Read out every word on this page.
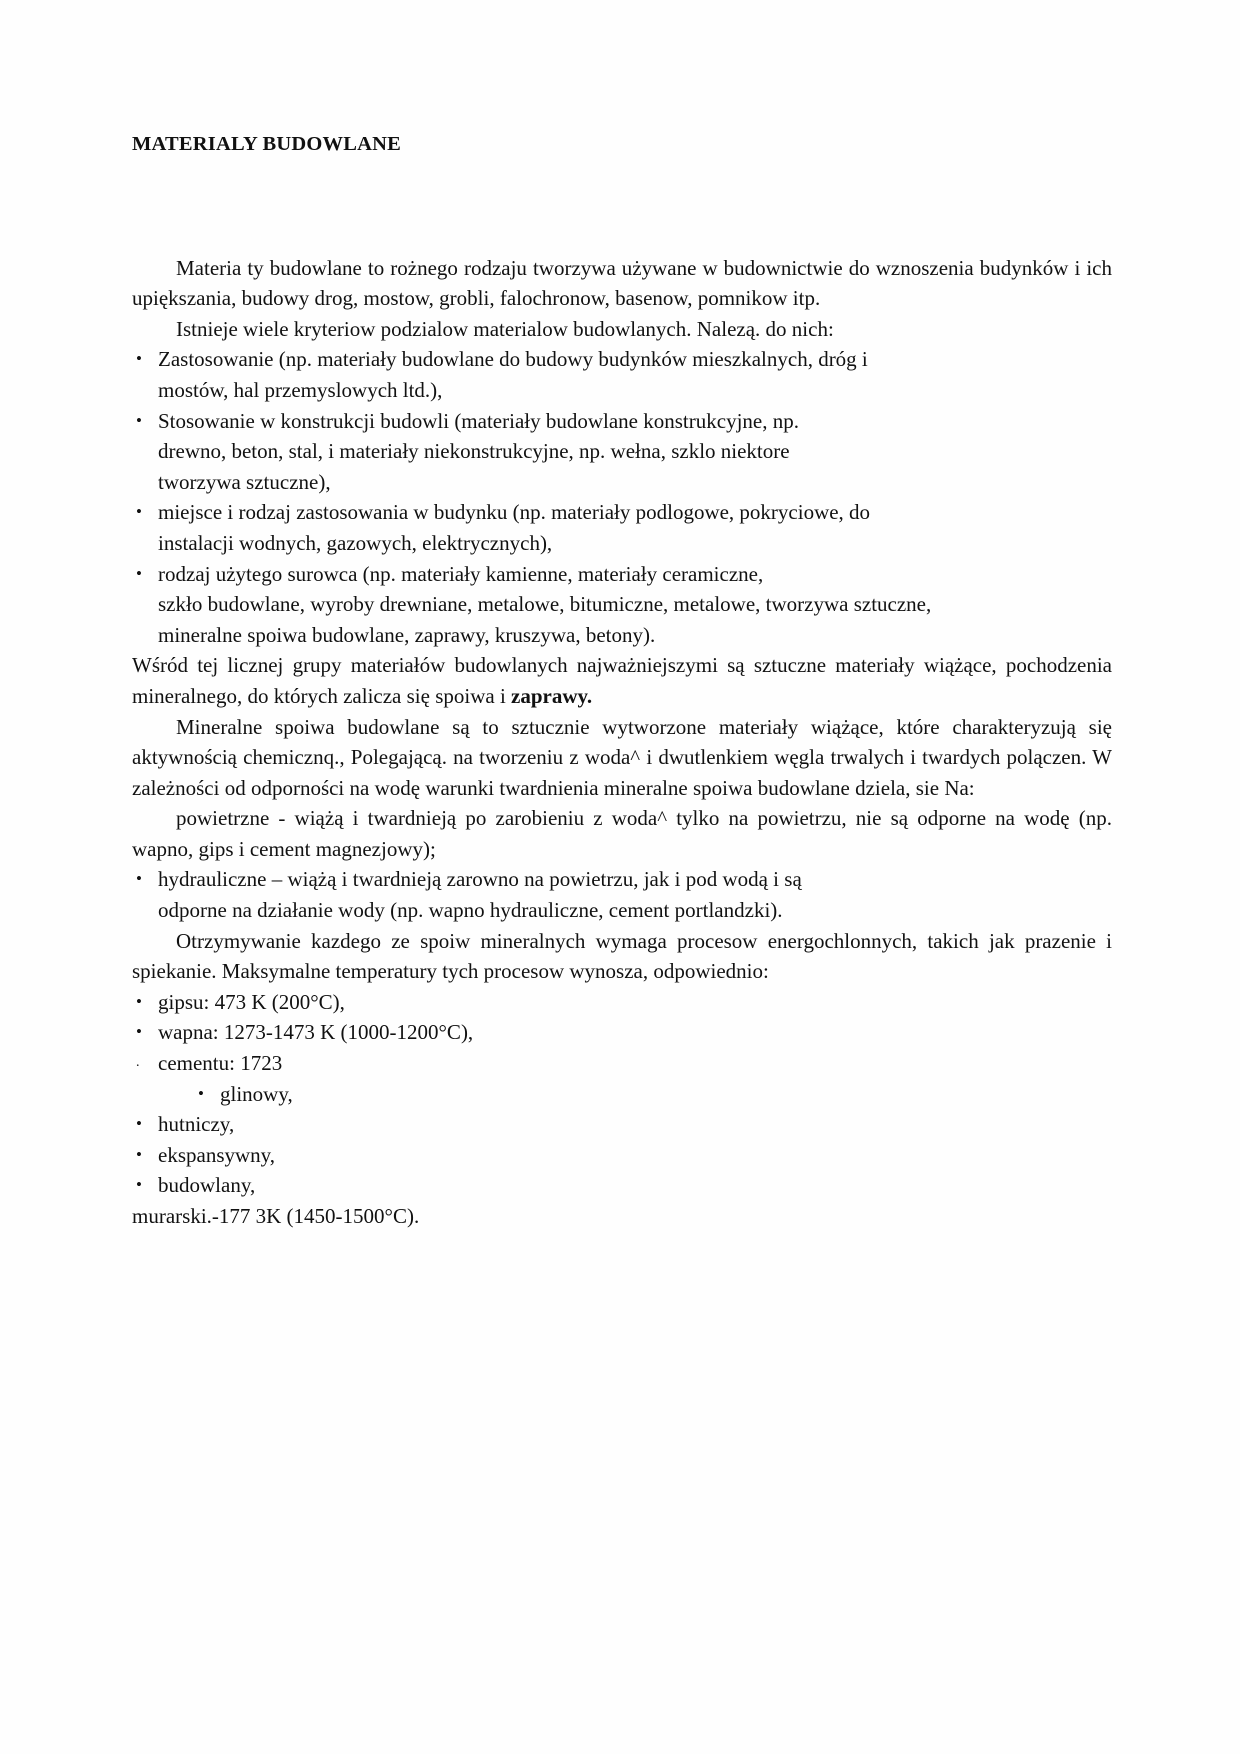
MATERIALY BUDOWLANE

Materia ty budowlane to rożnego rodzaju tworzywa używane w budownictwie do wznoszenia budynków i ich upiększania, budowy drog, mostow, grobli, falochronow, basenow, pomnikow itp.

Istnieje wiele kryteriow podzialow materialow budowlanych. Nalezą. do nich:

• Zastosowanie (np. materiały budowlane do budowy budynków mieszkalnych, dróg i

mostów, hal przemyslowych ltd.),

• Stosowanie w konstrukcji budowli (materiały budowlane konstrukcyjne, np.

drewno, beton, stal, i materiały niekonstrukcyjne, np. wełna, szklo niektore

tworzywa sztuczne),

• miejsce i rodzaj zastosowania w budynku (np. materiały podlogowe, pokryciowe, do

instalacji wodnych, gazowych, elektrycznych),

• rodzaj użytego surowca (np. materiały kamienne, materiały ceramiczne,

szkło budowlane, wyroby drewniane, metalowe, bitumiczne, metalowe, tworzywa sztuczne,

mineralne spoiwa budowlane, zaprawy, kruszywa, betony).

Wśród tej licznej grupy materiałów budowlanych najważniejszymi są sztuczne materiały wiążące, pochodzenia mineralnego, do których zalicza się spoiwa i zaprawy.

Mineralne spoiwa budowlane są to sztucznie wytworzone materiały wiążące, które charakteryzują się aktywnością chemicznq., Polegającą. na tworzeniu z woda^ i dwutlenkiem węgla trwalych i twardych polączen. W zależności od odporności na wodę warunki twardnienia mineralne spoiwa budowlane dziela, sie Na:

powietrzne - wiążą i twardnieją po zarobieniu z woda^ tylko na powietrzu, nie są odporne na wodę (np. wapno, gips i cement magnezjowy);

• hydrauliczne – wiążą i twardnieją zarowno na powietrzu, jak i pod wodą i są

odporne na działanie wody (np. wapno hydrauliczne, cement portlandzki).

Otrzymywanie kazdego ze spoiw mineralnych wymaga procesow energochlonnych, takich jak prazenie i spiekanie. Maksymalne temperatury tych procesow wynosza, odpowiednio:

• gipsu: 473 K (200°C),
• wapna: 1273-1473 K (1000-1200°C),
. cementu: 1723
• glinowy,
• hutniczy,
• ekspansywny,
• budowlany,

murarski.-177 3K (1450-1500°C).
